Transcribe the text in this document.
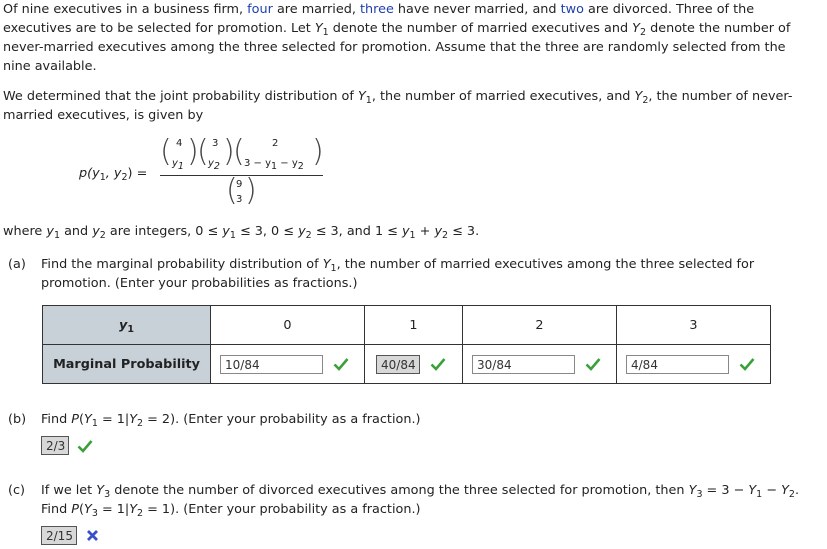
Of nine executives in a business firm, four are married, three have never married, and two are divorced. Three of the
executives are to be selected for promotion. Let $Y_1$ denote the number of married executives and $Y_2$ denote the number of
never-married executives among the three selected for promotion. Assume that the three are randomly selected from the
nine available.
We determined that the joint probability distribution of $Y_1$, the number of married executives, and $Y_2$, the number of never-
married executives, is given by
$p(y_1$, $y_2$) =
( 4
$y_1$ )
( 3
$y_2$ )
(	2
$3 - y_1 - y_2$ )
(
9
3 )
where $y_1$ and $y_2$ are integers, $0 \le y_1 \le 3$, $0 \le y_2 \le 3$, and $1 \le y_1 + y_2 \le 3$.
(a) Find the marginal probability distribution of $Y_1$, the number of married executives among the three selected for
promotion. (Enter your probabilities as fractions.)
$y_1$	0	1	2	3
Marginal Probability	10/84	40/84	30/84	4/84
(b) Find $P(Y_1 = 1|Y_2 = 2)$. (Enter your probability as a fraction.)
2/3
(c) If we let $Y_3$ denote the number of divorced executives among the three selected for promotion, then $Y_3 = 3 - Y_1 - Y_2$.
Find $P(Y_3 = 1|Y_2 = 1)$. (Enter your probability as a fraction.)
2/15
